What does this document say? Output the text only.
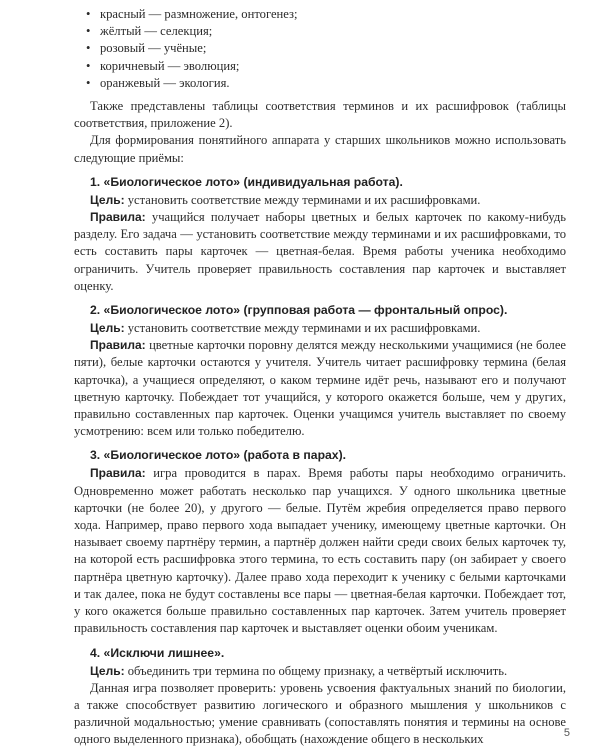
• красный — размножение, онтогенез;
• жёлтый — селекция;
• розовый — учёные;
• коричневый — эволюция;
• оранжевый — экология.

Также представлены таблицы соответствия терминов и их расшифровок (таблицы соответствия, приложение 2).

Для формирования понятийного аппарата у старших школьников можно использовать следующие приёмы:

1. «Биологическое лото» (индивидуальная работа).

Цель: установить соответствие между терминами и их расшифровками.

Правила: учащийся получает наборы цветных и белых карточек по какому-нибудь разделу. Его задача — установить соответствие между терминами и их расшифровками, то есть составить пары карточек — цветная-белая. Время работы ученика необходимо ограничить. Учитель проверяет правильность составления пар карточек и выставляет оценку.

2. «Биологическое лото» (групповая работа — фронтальный опрос).

Цель: установить соответствие между терминами и их расшифровками.

Правила: цветные карточки поровну делятся между несколькими учащимися (не более пяти), белые карточки остаются у учителя. Учитель читает расшифровку термина (белая карточка), а учащиеся определяют, о каком термине идёт речь, называют его и получают цветную карточку. Побеждает тот учащийся, у которого окажется больше, чем у других, правильно составленных пар карточек. Оценки учащимся учитель выставляет по своему усмотрению: всем или только победителю.

3. «Биологическое лото» (работа в парах).

Правила: игра проводится в парах. Время работы пары необходимо ограничить. Одновременно может работать несколько пар учащихся. У одного школьника цветные карточки (не более 20), у другого — белые. Путём жребия определяется право первого хода. Например, право первого хода выпадает ученику, имеющему цветные карточки. Он называет своему партнёру термин, а партнёр должен найти среди своих белых карточек ту, на которой есть расшифровка этого термина, то есть составить пару (он забирает у своего партнёра цветную карточку). Далее право хода переходит к ученику с белыми карточками и так далее, пока не будут составлены все пары — цветная-белая карточки. Побеждает тот, у кого окажется больше правильно составленных пар карточек. Затем учитель проверяет правильность составления пар карточек и выставляет оценки обоим ученикам.

4. «Исключи лишнее».

Цель: объединить три термина по общему признаку, а четвёртый исключить.

Данная игра позволяет проверить: уровень усвоения фактуальных знаний по биологии, а также способствует развитию логического и образного мышления у школьников с различной модальностью; умение сравнивать (сопоставлять понятия и термины на основе одного выделенного признака), обобщать (нахождение общего в нескольких	5
